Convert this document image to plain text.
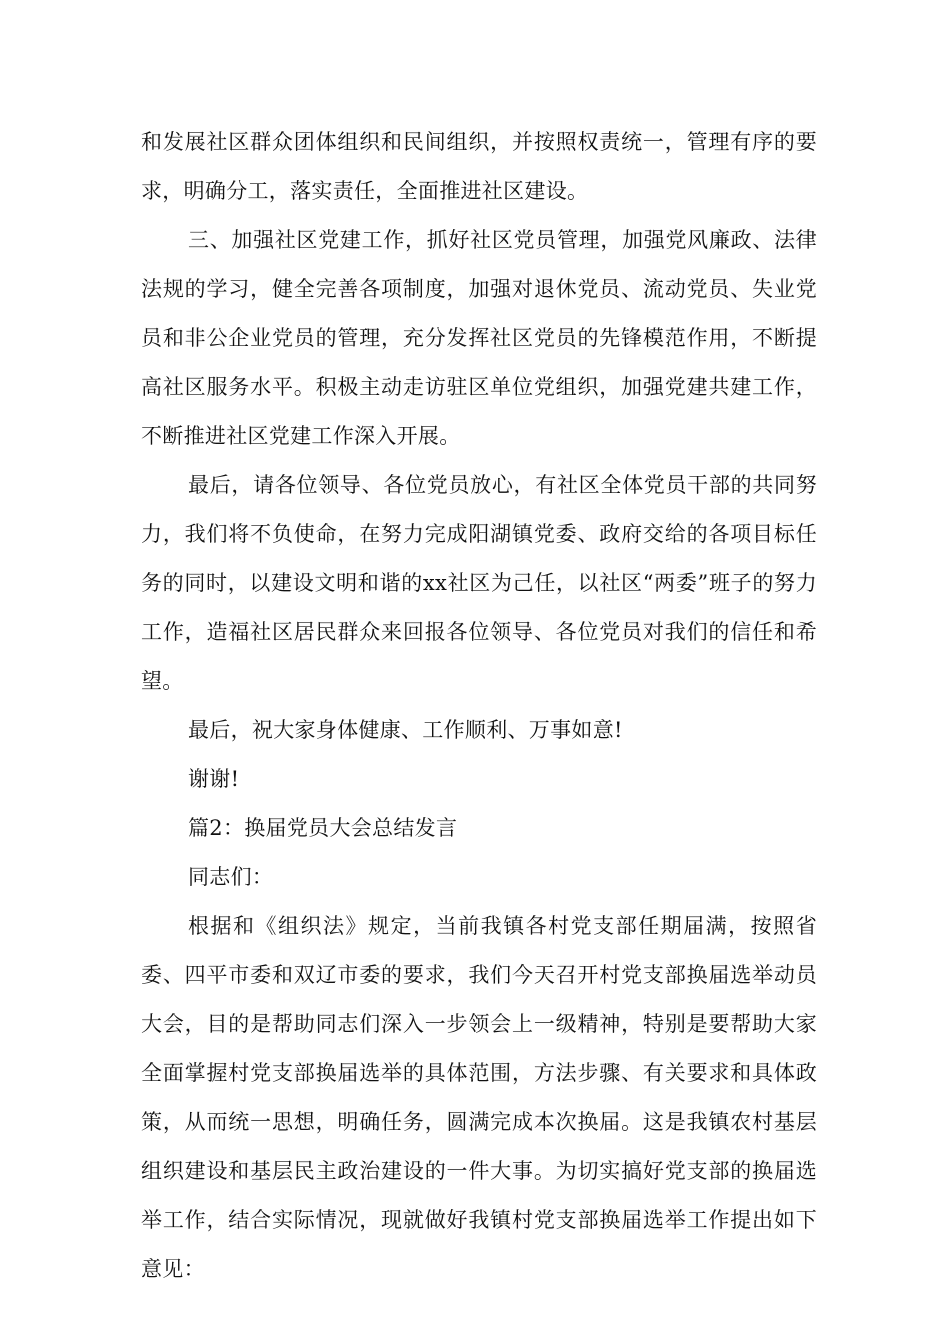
和发展社区群众团体组织和民间组织，并按照权责统一，管理有序的要求，明确分工，落实责任，全面推进社区建设。

三、加强社区党建工作，抓好社区党员管理，加强党风廉政、法律法规的学习，健全完善各项制度，加强对退休党员、流动党员、失业党员和非公企业党员的管理，充分发挥社区党员的先锋模范作用，不断提高社区服务水平。积极主动走访驻区单位党组织，加强党建共建工作，不断推进社区党建工作深入开展。

最后，请各位领导、各位党员放心，有社区全体党员干部的共同努力，我们将不负使命，在努力完成阳湖镇党委、政府交给的各项目标任务的同时，以建设文明和谐的xx社区为己任，以社区“两委”班子的努力工作，造福社区居民群众来回报各位领导、各位党员对我们的信任和希望。

最后，祝大家身体健康、工作顺利、万事如意!

谢谢!

篇2：换届党员大会总结发言

同志们：

根据和《组织法》规定，当前我镇各村党支部任期届满，按照省委、四平市委和双辽市委的要求，我们今天召开村党支部换届选举动员大会，目的是帮助同志们深入一步领会上一级精神，特别是要帮助大家全面掌握村党支部换届选举的具体范围，方法步骤、有关要求和具体政策，从而统一思想，明确任务，圆满完成本次换届。这是我镇农村基层组织建设和基层民主政治建设的一件大事。为切实搞好党支部的换届选举工作，结合实际情况，现就做好我镇村党支部换届选举工作提出如下意见：
